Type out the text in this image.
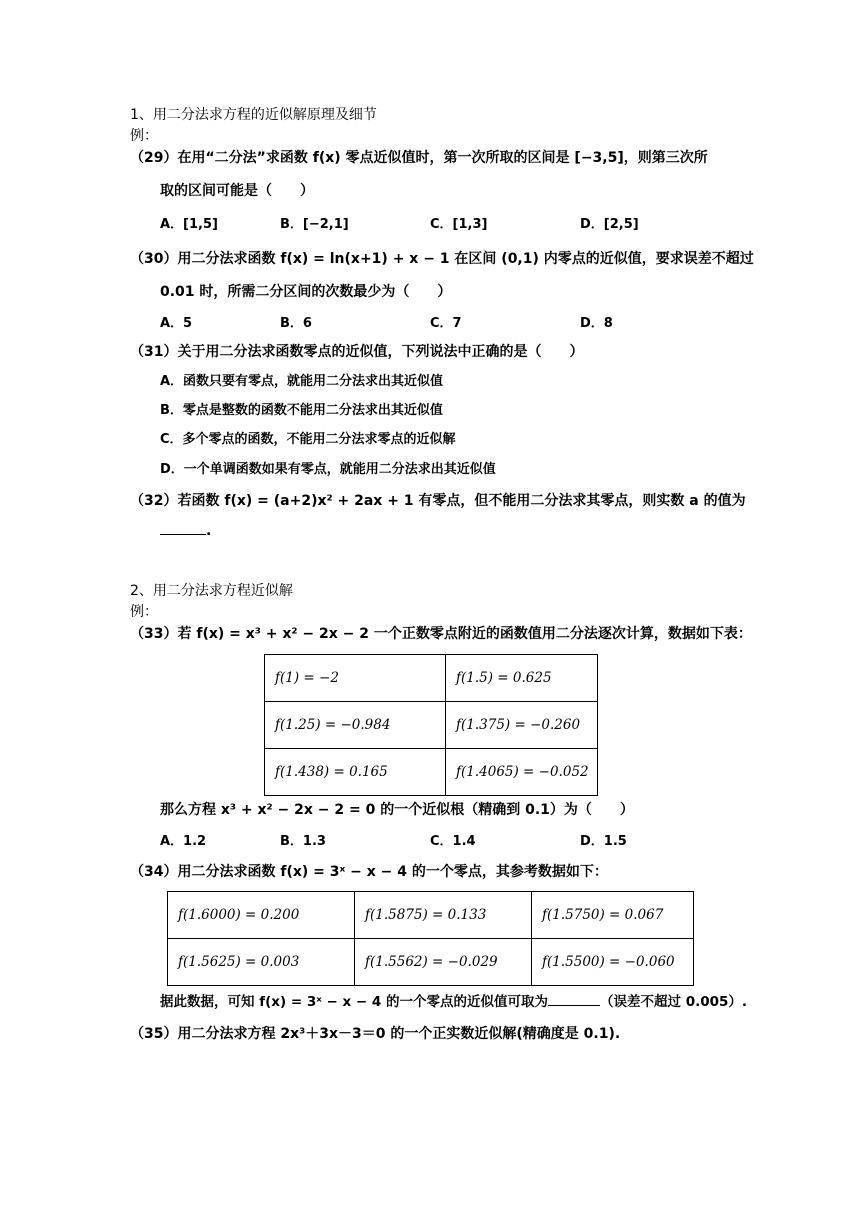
1、用二分法求方程的近似解原理及细节
例：
（29）在用“二分法”求函数 f(x) 零点近似值时，第一次所取的区间是 [−3,5]，则第三次所
取的区间可能是（　　）
A．[1,5]	B．[−2,1]	C．[1,3]	D．[2,5]
（30）用二分法求函数 f(x) = ln(x+1) + x − 1 在区间 (0,1) 内零点的近似值，要求误差不超过
0.01 时，所需二分区间的次数最少为（　　）
A．5	B．6	C．7	D．8
（31）关于用二分法求函数零点的近似值，下列说法中正确的是（　　）
A．函数只要有零点，就能用二分法求出其近似值
B．零点是整数的函数不能用二分法求出其近似值
C．多个零点的函数，不能用二分法求零点的近似解
D．一个单调函数如果有零点，就能用二分法求出其近似值
（32）若函数 f(x) = (a+2)x² + 2ax + 1 有零点，但不能用二分法求其零点，则实数 a 的值为
.
2、用二分法求方程近似解
例：
（33）若 f(x) = x³ + x² − 2x − 2 一个正数零点附近的函数值用二分法逐次计算，数据如下表：
f(1) = −2	f(1.5) = 0.625
f(1.25) = −0.984	f(1.375) = −0.260
f(1.438) = 0.165	f(1.4065) = −0.052
那么方程 x³ + x² − 2x − 2 = 0 的一个近似根（精确到 0.1）为（　　）
A．1.2	B．1.3	C．1.4	D．1.5
（34）用二分法求函数 f(x) = 3ˣ − x − 4 的一个零点，其参考数据如下：
f(1.6000) = 0.200	f(1.5875) = 0.133	f(1.5750) = 0.067
f(1.5625) = 0.003	f(1.5562) = −0.029	f(1.5500) = −0.060
据此数据，可知 f(x) = 3ˣ − x − 4 的一个零点的近似值可取为	（误差不超过 0.005）.
（35）用二分法求方程 2x³＋3x－3＝0 的一个正实数近似解(精确度是 0.1).
